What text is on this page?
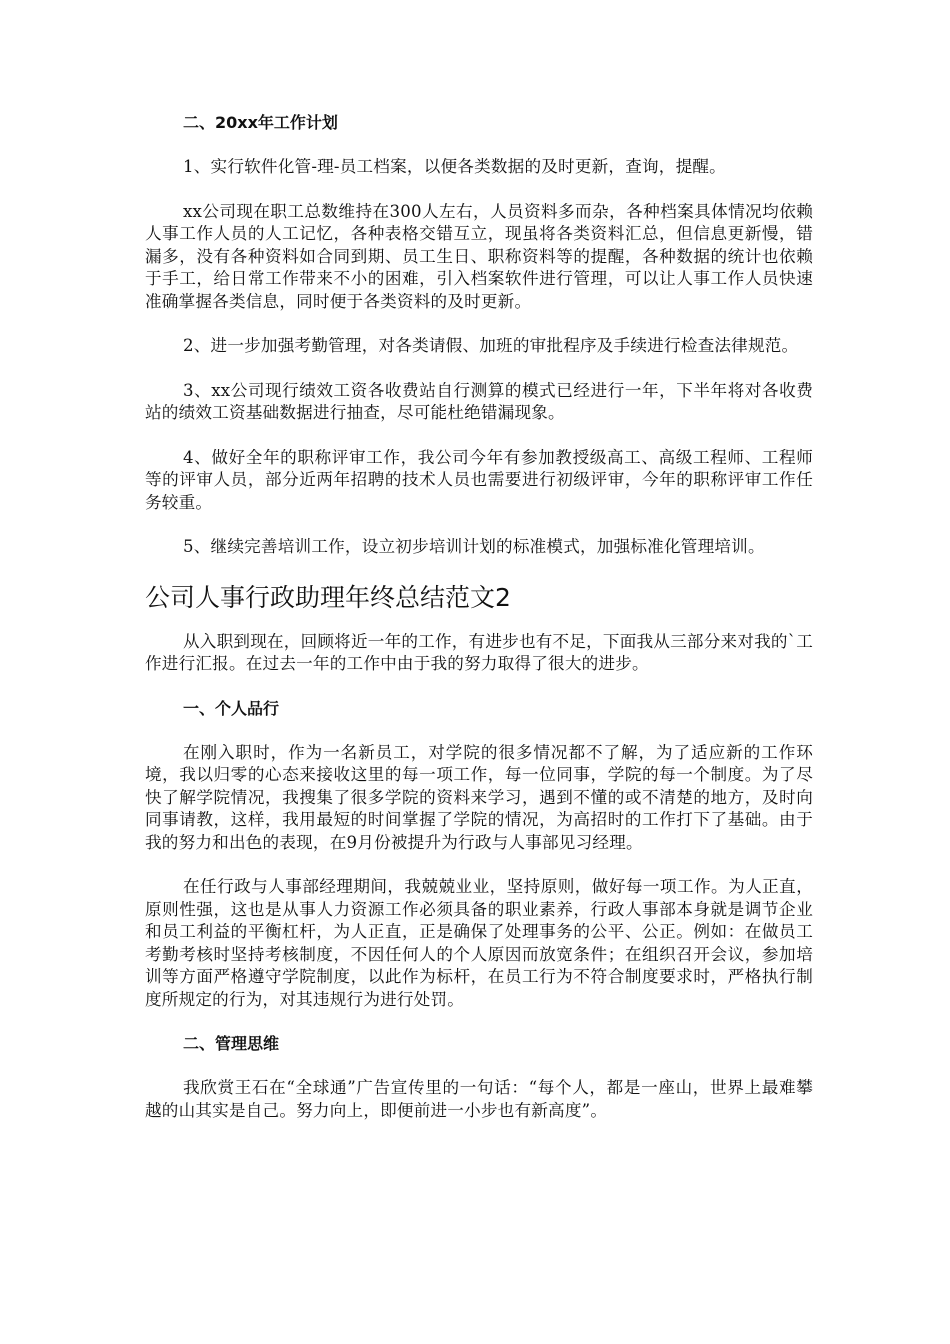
二、20xx年工作计划

1、实行软件化管-理-员工档案，以便各类数据的及时更新，查询，提醒。

xx公司现在职工总数维持在300人左右，人员资料多而杂，各种档案具体情况均依赖人事工作人员的人工记忆，各种表格交错互立，现虽将各类资料汇总，但信息更新慢，错漏多，没有各种资料如合同到期、员工生日、职称资料等的提醒，各种数据的统计也依赖于手工，给日常工作带来不小的困难，引入档案软件进行管理，可以让人事工作人员快速准确掌握各类信息，同时便于各类资料的及时更新。

2、进一步加强考勤管理，对各类请假、加班的审批程序及手续进行检查法律规范。

3、xx公司现行绩效工资各收费站自行测算的模式已经进行一年，下半年将对各收费站的绩效工资基础数据进行抽查，尽可能杜绝错漏现象。

4、做好全年的职称评审工作，我公司今年有参加教授级高工、高级工程师、工程师等的评审人员，部分近两年招聘的技术人员也需要进行初级评审，今年的职称评审工作任务较重。

5、继续完善培训工作，设立初步培训计划的标准模式，加强标准化管理培训。

公司人事行政助理年终总结范文2

从入职到现在，回顾将近一年的工作，有进步也有不足，下面我从三部分来对我的`工作进行汇报。在过去一年的工作中由于我的努力取得了很大的进步。

一、个人品行

在刚入职时，作为一名新员工，对学院的很多情况都不了解，为了适应新的工作环境，我以归零的心态来接收这里的每一项工作，每一位同事，学院的每一个制度。为了尽快了解学院情况，我搜集了很多学院的资料来学习，遇到不懂的或不清楚的地方，及时向同事请教，这样，我用最短的时间掌握了学院的情况，为高招时的工作打下了基础。由于我的努力和出色的表现，在9月份被提升为行政与人事部见习经理。

在任行政与人事部经理期间，我兢兢业业，坚持原则，做好每一项工作。为人正直，原则性强，这也是从事人力资源工作必须具备的职业素养，行政人事部本身就是调节企业和员工利益的平衡杠杆，为人正直，正是确保了处理事务的公平、公正。例如：在做员工考勤考核时坚持考核制度，不因任何人的个人原因而放宽条件；在组织召开会议，参加培训等方面严格遵守学院制度，以此作为标杆，在员工行为不符合制度要求时，严格执行制度所规定的行为，对其违规行为进行处罚。

二、管理思维

我欣赏王石在“全球通”广告宣传里的一句话：“每个人，都是一座山，世界上最难攀越的山其实是自己。努力向上，即便前进一小步也有新高度”。
